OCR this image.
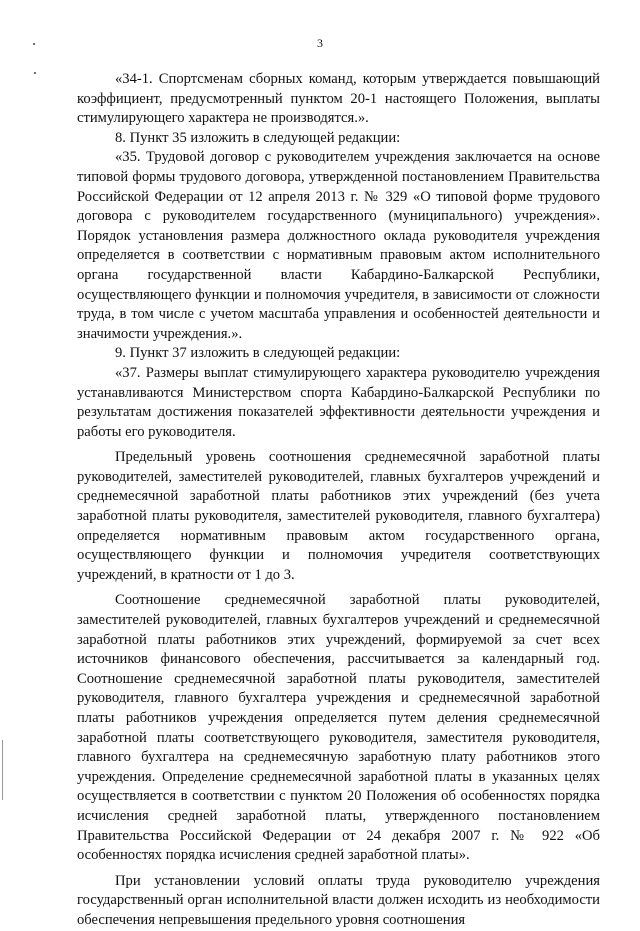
3

«34-1. Спортсменам сборных команд, которым утверждается повышающий коэффициент, предусмотренный пунктом 20-1 настоящего Положения, выплаты стимулирующего характера не производятся.».

8. Пункт 35 изложить в следующей редакции:

«35. Трудовой договор с руководителем учреждения заключается на основе типовой формы трудового договора, утвержденной постановлением Правительства Российской Федерации от 12 апреля 2013 г. № 329 «О типовой форме трудового договора с руководителем государственного (муниципального) учреждения». Порядок установления размера должностного оклада руководителя учреждения определяется в соответствии с нормативным правовым актом исполнительного органа государственной власти Кабардино-Балкарской Республики, осуществляющего функции и полномочия учредителя, в зависимости от сложности труда, в том числе с учетом масштаба управления и особенностей деятельности и значимости учреждения.».

9. Пункт 37 изложить в следующей редакции:

«37. Размеры выплат стимулирующего характера руководителю учреждения устанавливаются Министерством спорта Кабардино-Балкарской Республики по результатам достижения показателей эффективности деятельности учреждения и работы его руководителя.

Предельный уровень соотношения среднемесячной заработной платы руководителей, заместителей руководителей, главных бухгалтеров учреждений и среднемесячной заработной платы работников этих учреждений (без учета заработной платы руководителя, заместителей руководителя, главного бухгалтера) определяется нормативным правовым актом государственного органа, осуществляющего функции и полномочия учредителя соответствующих учреждений, в кратности от 1 до 3.

Соотношение среднемесячной заработной платы руководителей, заместителей руководителей, главных бухгалтеров учреждений и среднемесячной заработной платы работников этих учреждений, формируемой за счет всех источников финансового обеспечения, рассчитывается за календарный год. Соотношение среднемесячной заработной платы руководителя, заместителей руководителя, главного бухгалтера учреждения и среднемесячной заработной платы работников учреждения определяется путем деления среднемесячной заработной платы соответствующего руководителя, заместителя руководителя, главного бухгалтера на среднемесячную заработную плату работников этого учреждения. Определение среднемесячной заработной платы в указанных целях осуществляется в соответствии с пунктом 20 Положения об особенностях порядка исчисления средней заработной платы, утвержденного постановлением Правительства Российской Федерации от 24 декабря 2007 г. № 922 «Об особенностях порядка исчисления средней заработной платы».

При установлении условий оплаты труда руководителю учреждения государственный орган исполнительной власти должен исходить из необходимости обеспечения непревышения предельного уровня соотношения
